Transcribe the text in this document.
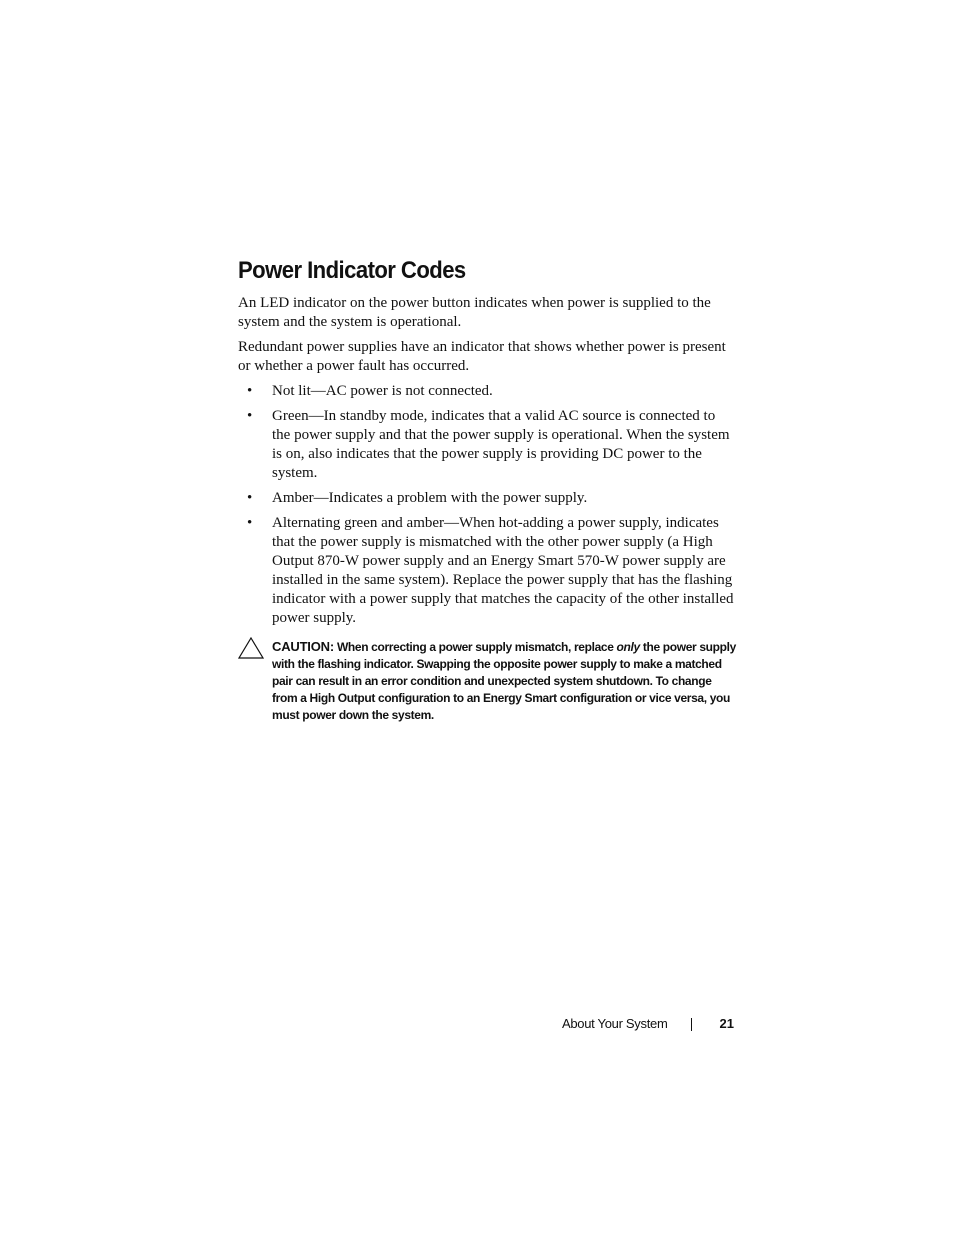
Power Indicator Codes

An LED indicator on the power button indicates when power is supplied to the system and the system is operational.

Redundant power supplies have an indicator that shows whether power is present or whether a power fault has occurred.

• Not lit—AC power is not connected.
• Green—In standby mode, indicates that a valid AC source is connected to the power supply and that the power supply is operational. When the system is on, also indicates that the power supply is providing DC power to the system.
• Amber—Indicates a problem with the power supply.
• Alternating green and amber—When hot-adding a power supply, indicates that the power supply is mismatched with the other power supply (a High Output 870-W power supply and an Energy Smart 570-W power supply are installed in the same system). Replace the power supply that has the flashing indicator with a power supply that matches the capacity of the other installed power supply.
CAUTION: When correcting a power supply mismatch, replace only the power supply with the flashing indicator. Swapping the opposite power supply to make a matched pair can result in an error condition and unexpected system shutdown. To change from a High Output configuration to an Energy Smart configuration or vice versa, you must power down the system.
About Your System	21
